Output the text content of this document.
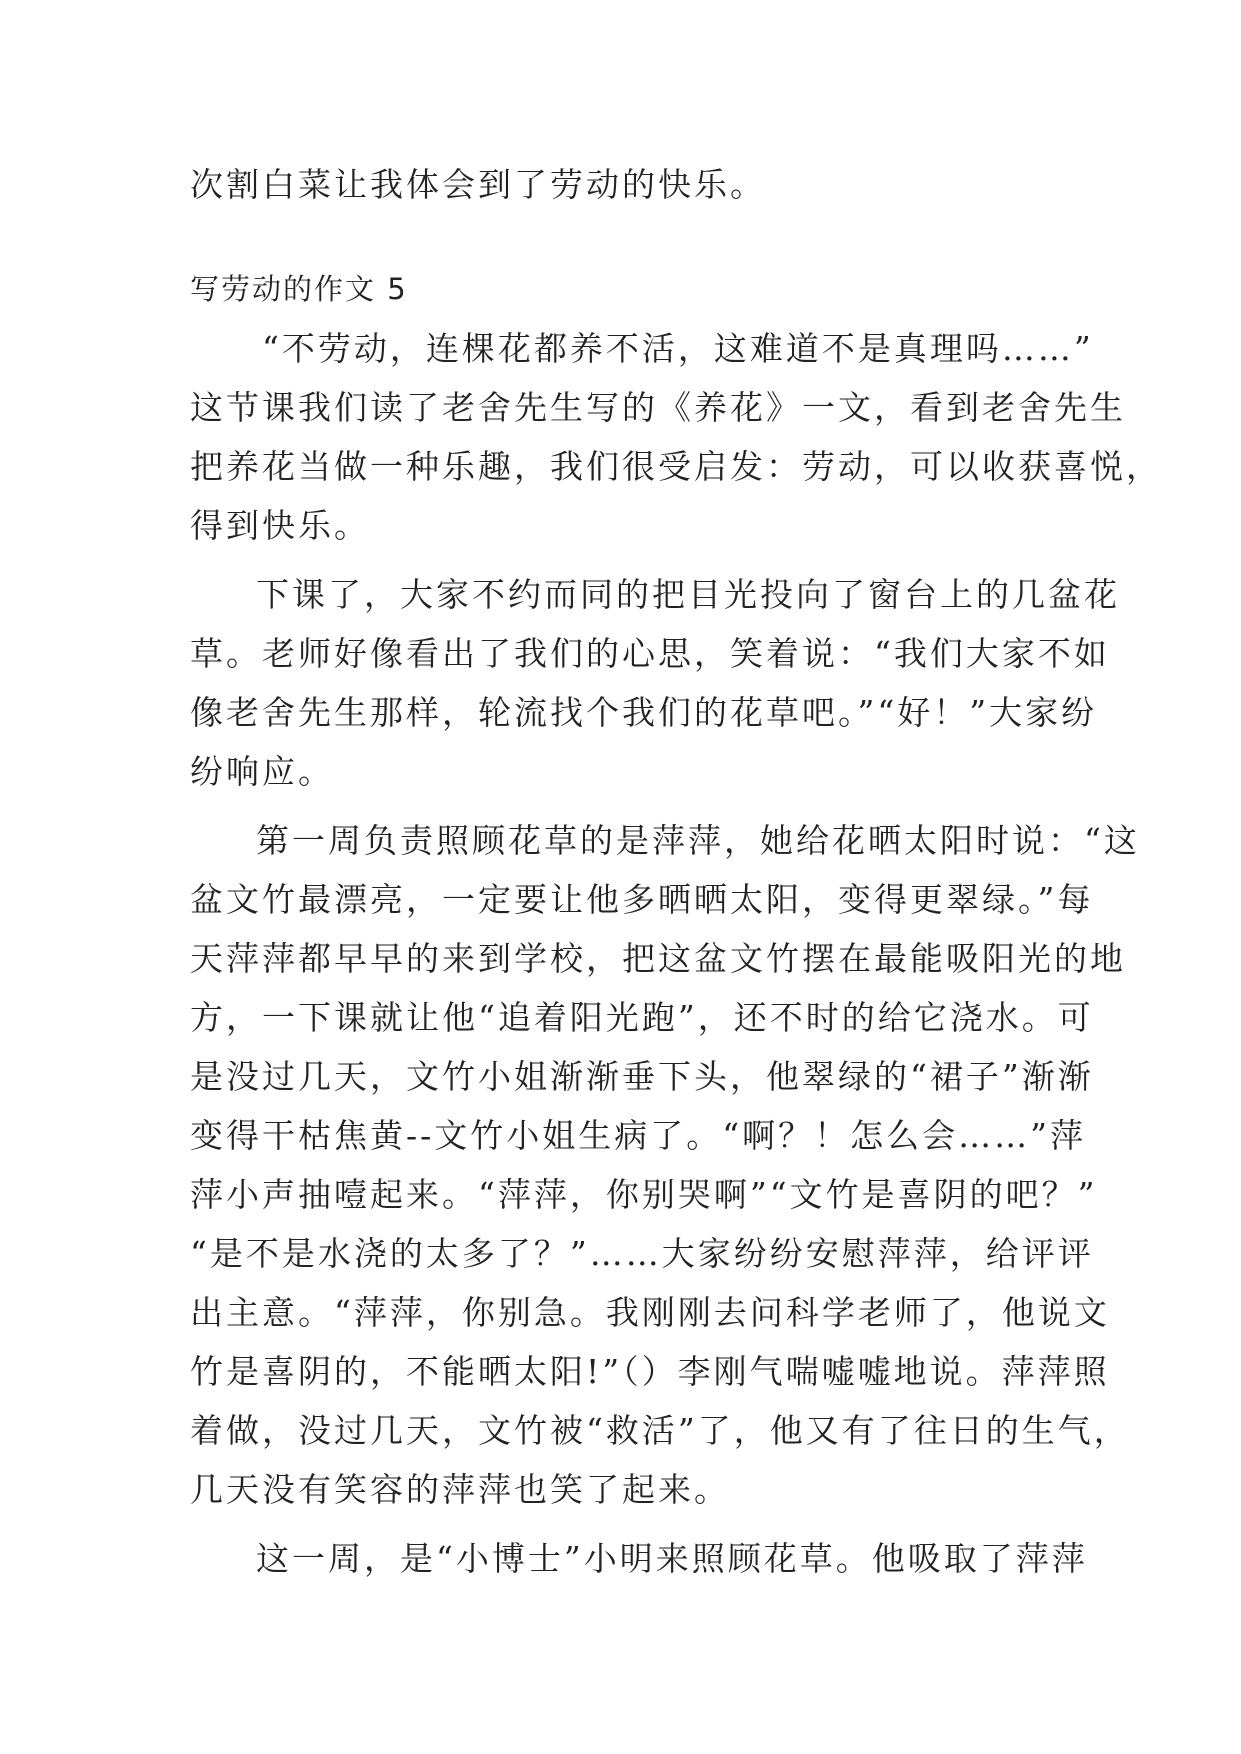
次割白菜让我体会到了劳动的快乐。
写劳动的作文 5
“不劳动，连棵花都养不活，这难道不是真理吗……”
这节课我们读了老舍先生写的《养花》一文，看到老舍先生
把养花当做一种乐趣，我们很受启发：劳动，可以收获喜悦，
得到快乐。
下课了，大家不约而同的把目光投向了窗台上的几盆花
草。老师好像看出了我们的心思，笑着说：“我们大家不如
像老舍先生那样，轮流找个我们的花草吧。”“好！”大家纷
纷响应。
第一周负责照顾花草的是萍萍，她给花晒太阳时说：“这
盆文竹最漂亮，一定要让他多晒晒太阳，变得更翠绿。”每
天萍萍都早早的来到学校，把这盆文竹摆在最能吸阳光的地
方，一下课就让他“追着阳光跑”，还不时的给它浇水。可
是没过几天，文竹小姐渐渐垂下头，他翠绿的“裙子”渐渐
变得干枯焦黄--文竹小姐生病了。“啊？！怎么会……”萍
萍小声抽噎起来。“萍萍，你别哭啊”“文竹是喜阴的吧？”
“是不是水浇的太多了？”……大家纷纷安慰萍萍，给评评
出主意。“萍萍，你别急。我刚刚去问科学老师了，他说文
竹是喜阴的，不能晒太阳!”（）李刚气喘嘘嘘地说。萍萍照
着做，没过几天，文竹被“救活”了，他又有了往日的生气，
几天没有笑容的萍萍也笑了起来。
这一周，是“小博士”小明来照顾花草。他吸取了萍萍
